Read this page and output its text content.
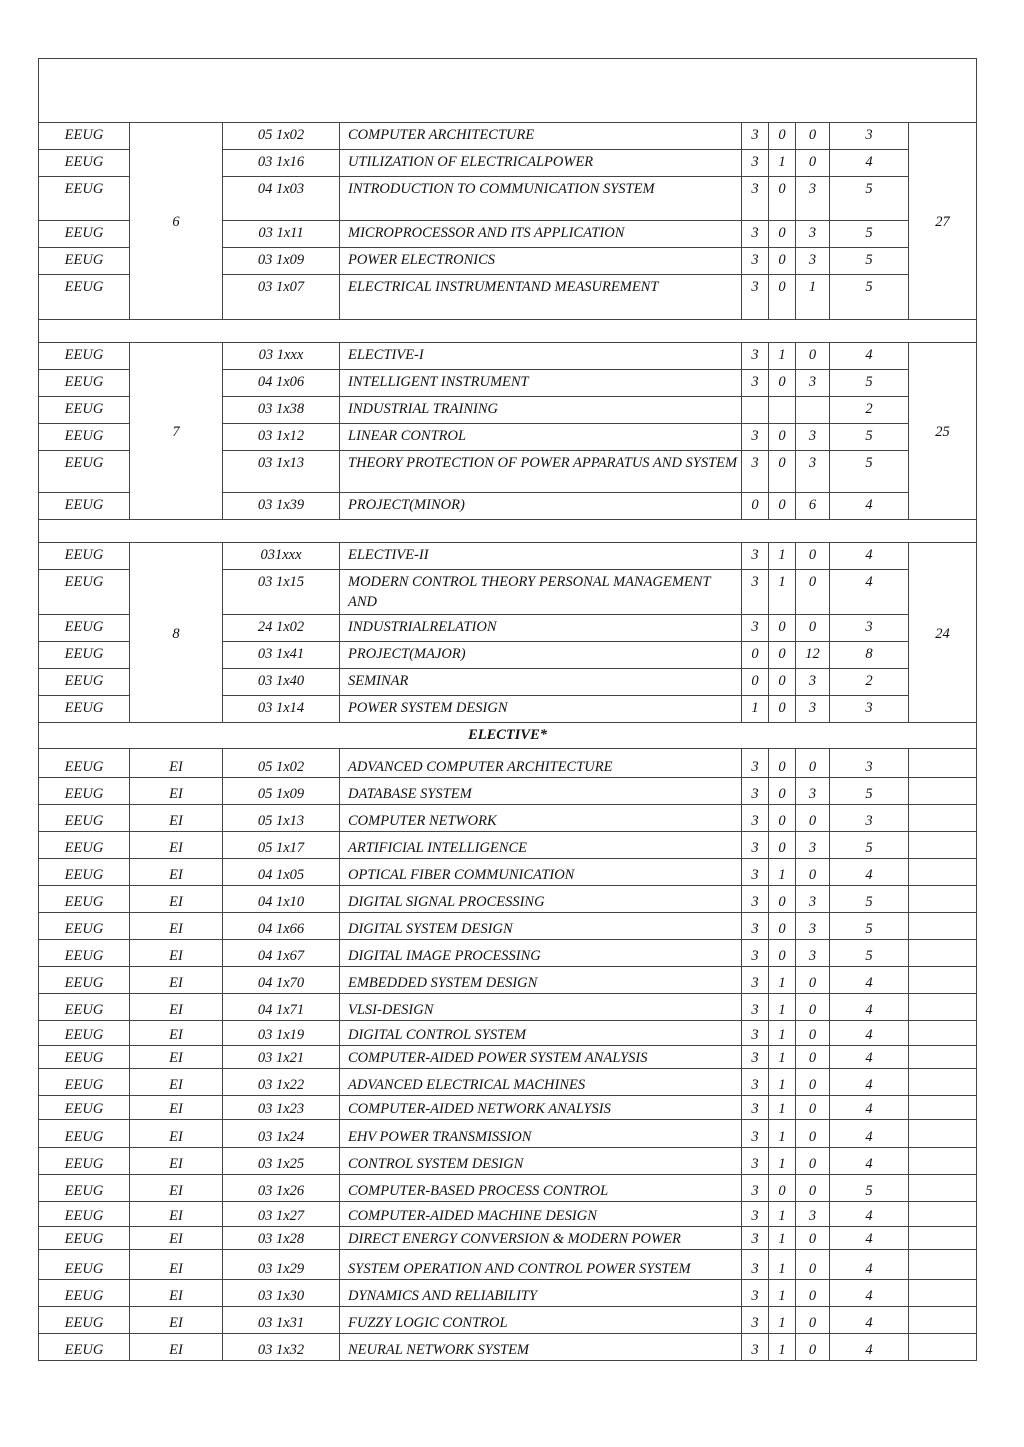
EEUG	6	05 1x02	COMPUTER ARCHITECTURE	3	0	0	3	27
EEUG		03 1x16	UTILIZATION OF ELECTRICALPOWER	3	1	0	4	
EEUG		04 1x03	INTRODUCTION TO COMMUNICATION SYSTEM	3	0	3	5	
EEUG		03 1x11	MICROPROCESSOR AND ITS APPLICATION	3	0	3	5	
EEUG		03 1x09	POWER ELECTRONICS	3	0	3	5	
EEUG		03 1x07	ELECTRICAL INSTRUMENTAND MEASUREMENT	3	0	1	5	

EEUG	7	03 1xxx	ELECTIVE-I	3	1	0	4	25
EEUG		04 1x06	INTELLIGENT INSTRUMENT	3	0	3	5	
EEUG		03 1x38	INDUSTRIAL TRAINING				2	
EEUG		03 1x12	LINEAR CONTROL	3	0	3	5	
EEUG		03 1x13	THEORY PROTECTION OF POWER APPARATUS AND SYSTEM	3	0	3	5	
EEUG		03 1x39	PROJECT(MINOR)	0	0	6	4	

EEUG	8	031xxx	ELECTIVE-II	3	1	0	4	24
EEUG		03 1x15	MODERN CONTROL THEORY PERSONAL MANAGEMENT AND	3	1	0	4	
EEUG		24 1x02	INDUSTRIALRELATION	3	0	0	3	
EEUG		03 1x41	PROJECT(MAJOR)	0	0	12	8	
EEUG		03 1x40	SEMINAR	0	0	3	2	
EEUG		03 1x14	POWER SYSTEM DESIGN	1	0	3	3	
ELECTIVE*								
EEUG	EI	05 1x02	ADVANCED COMPUTER ARCHITECTURE	3	0	0	3	
EEUG	EI	05 1x09	DATABASE SYSTEM	3	0	3	5	
EEUG	EI	05 1x13	COMPUTER NETWORK	3	0	0	3	
EEUG	EI	05 1x17	ARTIFICIAL INTELLIGENCE	3	0	3	5	
EEUG	EI	04 1x05	OPTICAL FIBER COMMUNICATION	3	1	0	4	
EEUG	EI	04 1x10	DIGITAL SIGNAL PROCESSING	3	0	3	5	
EEUG	EI	04 1x66	DIGITAL SYSTEM DESIGN	3	0	3	5	
EEUG	EI	04 1x67	DIGITAL IMAGE PROCESSING	3	0	3	5	
EEUG	EI	04 1x70	EMBEDDED SYSTEM DESIGN	3	1	0	4	
EEUG	EI	04 1x71	VLSI-DESIGN	3	1	0	4	
EEUG	EI	03 1x19	DIGITAL CONTROL SYSTEM	3	1	0	4	
EEUG	EI	03 1x21	COMPUTER-AIDED POWER SYSTEM ANALYSIS	3	1	0	4	
EEUG	EI	03 1x22	ADVANCED ELECTRICAL MACHINES	3	1	0	4	
EEUG	EI	03 1x23	COMPUTER-AIDED NETWORK ANALYSIS	3	1	0	4	
EEUG	EI	03 1x24	EHV POWER TRANSMISSION	3	1	0	4	
EEUG	EI	03 1x25	CONTROL SYSTEM DESIGN	3	1	0	4	
EEUG	EI	03 1x26	COMPUTER-BASED PROCESS CONTROL	3	0	0	5	
EEUG	EI	03 1x27	COMPUTER-AIDED MACHINE DESIGN	3	1	3	4	
EEUG	EI	03 1x28	DIRECT ENERGY CONVERSION & MODERN POWER	3	1	0	4	
EEUG	EI	03 1x29	SYSTEM OPERATION AND CONTROL POWER SYSTEM	3	1	0	4	
EEUG	EI	03 1x30	DYNAMICS AND RELIABILITY	3	1	0	4	
EEUG	EI	03 1x31	FUZZY LOGIC CONTROL	3	1	0	4	
EEUG	EI	03 1x32	NEURAL NETWORK SYSTEM	3	1	0	4	
